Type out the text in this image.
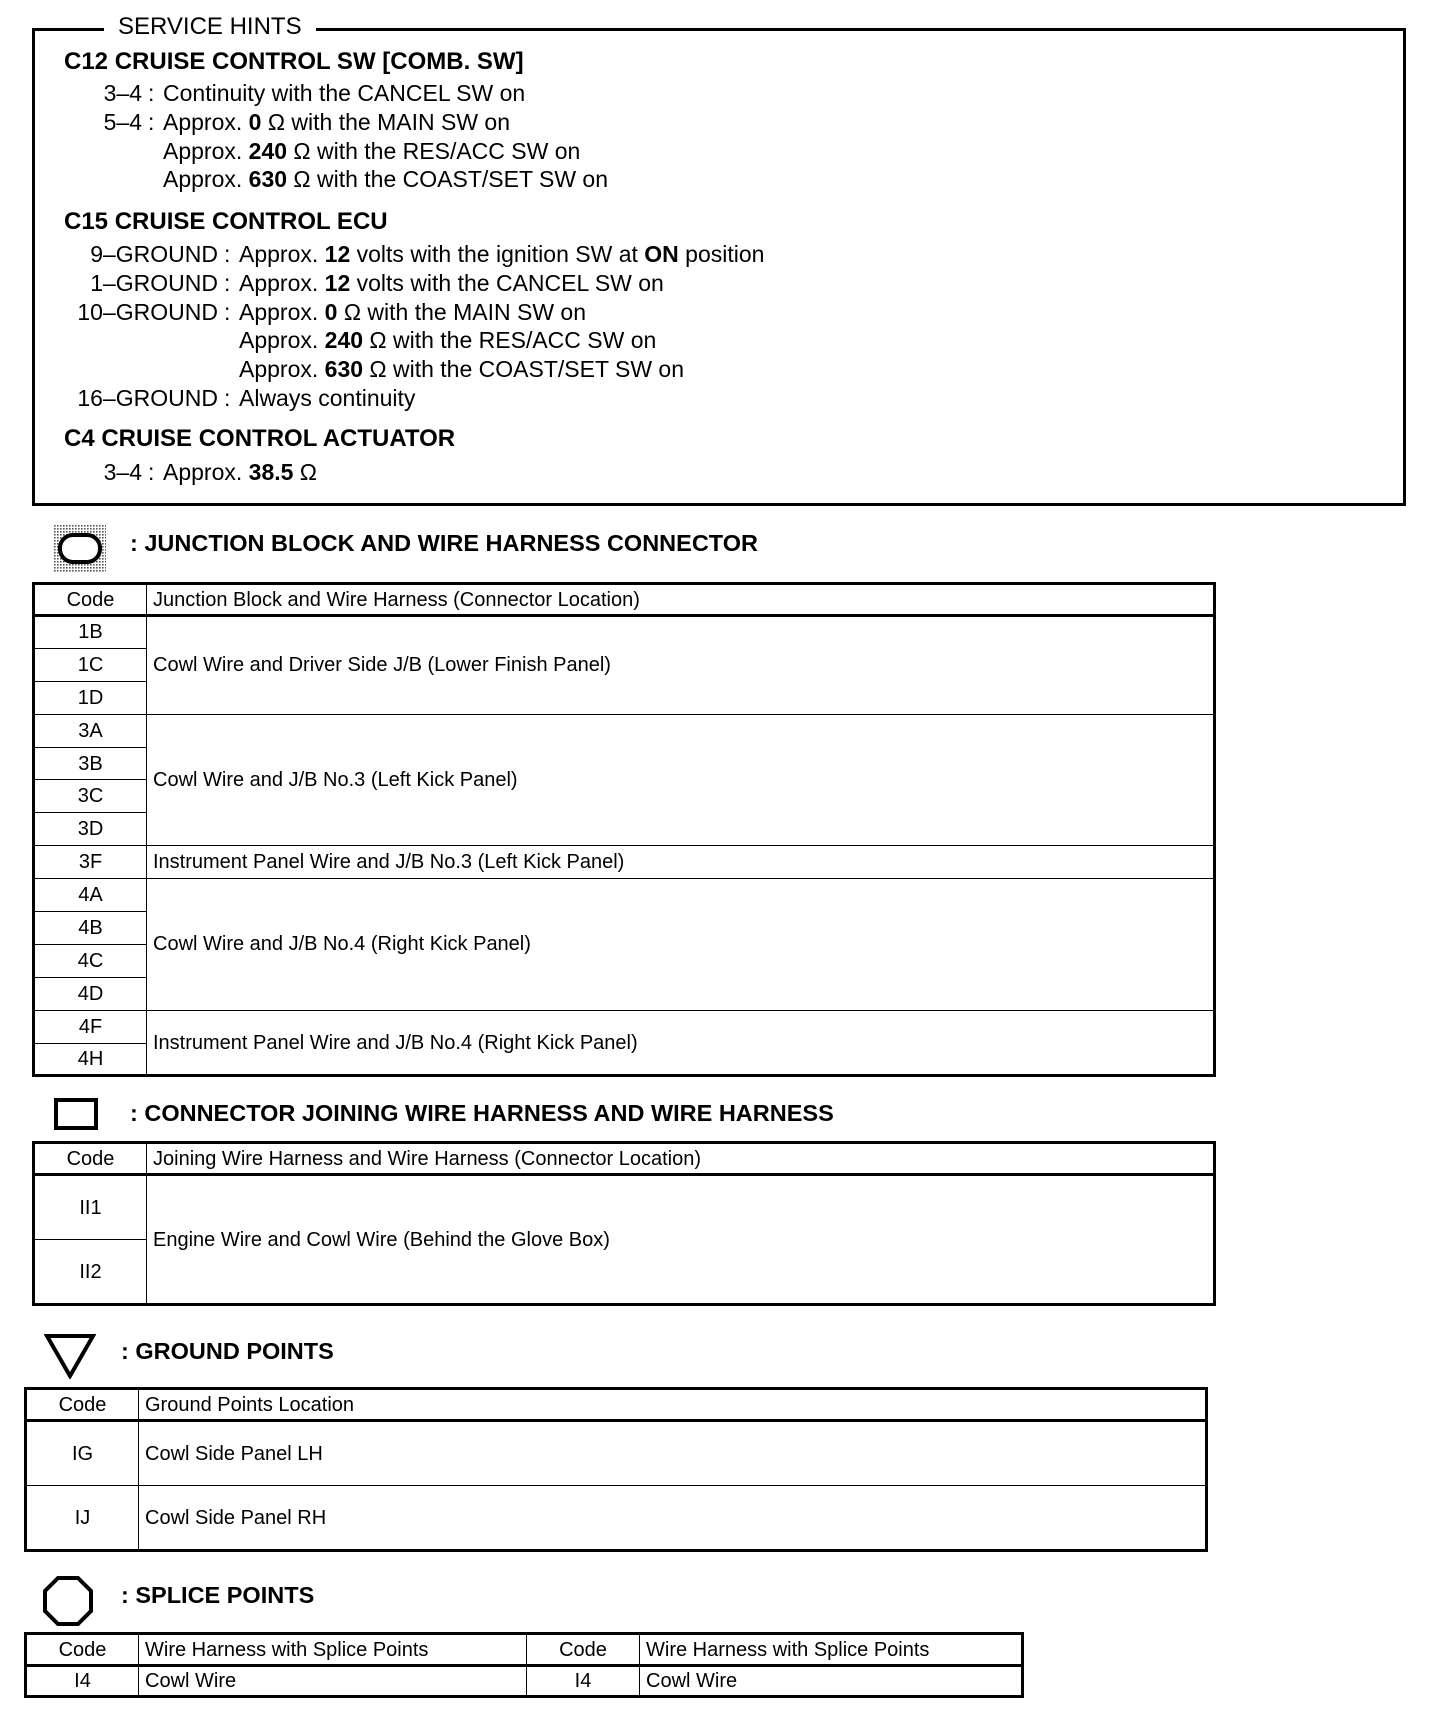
SERVICE HINTS
C12 CRUISE CONTROL SW [COMB. SW]
3–4 : Continuity with the CANCEL SW on
5–4 : Approx. 0 Ω with the MAIN SW on
Approx. 240 Ω with the RES/ACC SW on
Approx. 630 Ω with the COAST/SET SW on
C15 CRUISE CONTROL ECU
9–GROUND : Approx. 12 volts with the ignition SW at ON position
1–GROUND : Approx. 12 volts with the CANCEL SW on
10–GROUND : Approx. 0 Ω with the MAIN SW on
Approx. 240 Ω with the RES/ACC SW on
Approx. 630 Ω with the COAST/SET SW on
16–GROUND : Always continuity
C4 CRUISE CONTROL ACTUATOR
3–4 : Approx. 38.5 Ω
: JUNCTION BLOCK AND WIRE HARNESS CONNECTOR
Code	Junction Block and Wire Harness (Connector Location)
1B	Cowl Wire and Driver Side J/B (Lower Finish Panel)
1C	
1D	
3A	Cowl Wire and J/B No.3 (Left Kick Panel)
3B	
3C	
3D	
3F	Instrument Panel Wire and J/B No.3 (Left Kick Panel)
4A	Cowl Wire and J/B No.4 (Right Kick Panel)
4B	
4C	
4D	
4F	Instrument Panel Wire and J/B No.4 (Right Kick Panel)
4H	
: CONNECTOR JOINING WIRE HARNESS AND WIRE HARNESS
Code	Joining Wire Harness and Wire Harness (Connector Location)
II1	Engine Wire and Cowl Wire (Behind the Glove Box)
II2	
: GROUND POINTS
Code	Ground Points Location
IG	Cowl Side Panel LH
IJ	Cowl Side Panel RH
: SPLICE POINTS
Code	Wire Harness with Splice Points	Code	Wire Harness with Splice Points
I4	Cowl Wire	I4	Cowl Wire
